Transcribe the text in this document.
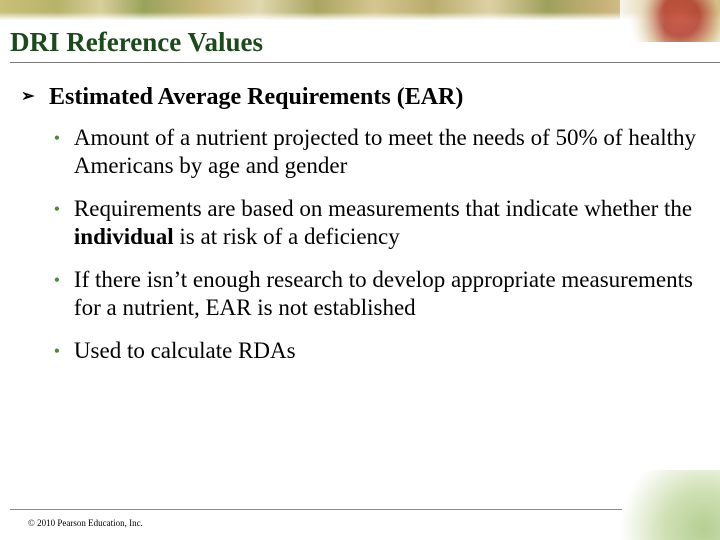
DRI Reference Values
➢ Estimated Average Requirements (EAR)
• Amount of a nutrient projected to meet the needs of 50% of healthy Americans by age and gender
• Requirements are based on measurements that indicate whether the individual is at risk of a deficiency
• If there isn’t enough research to develop appropriate measurements for a nutrient, EAR is not established
• Used to calculate RDAs
© 2010 Pearson Education, Inc.
